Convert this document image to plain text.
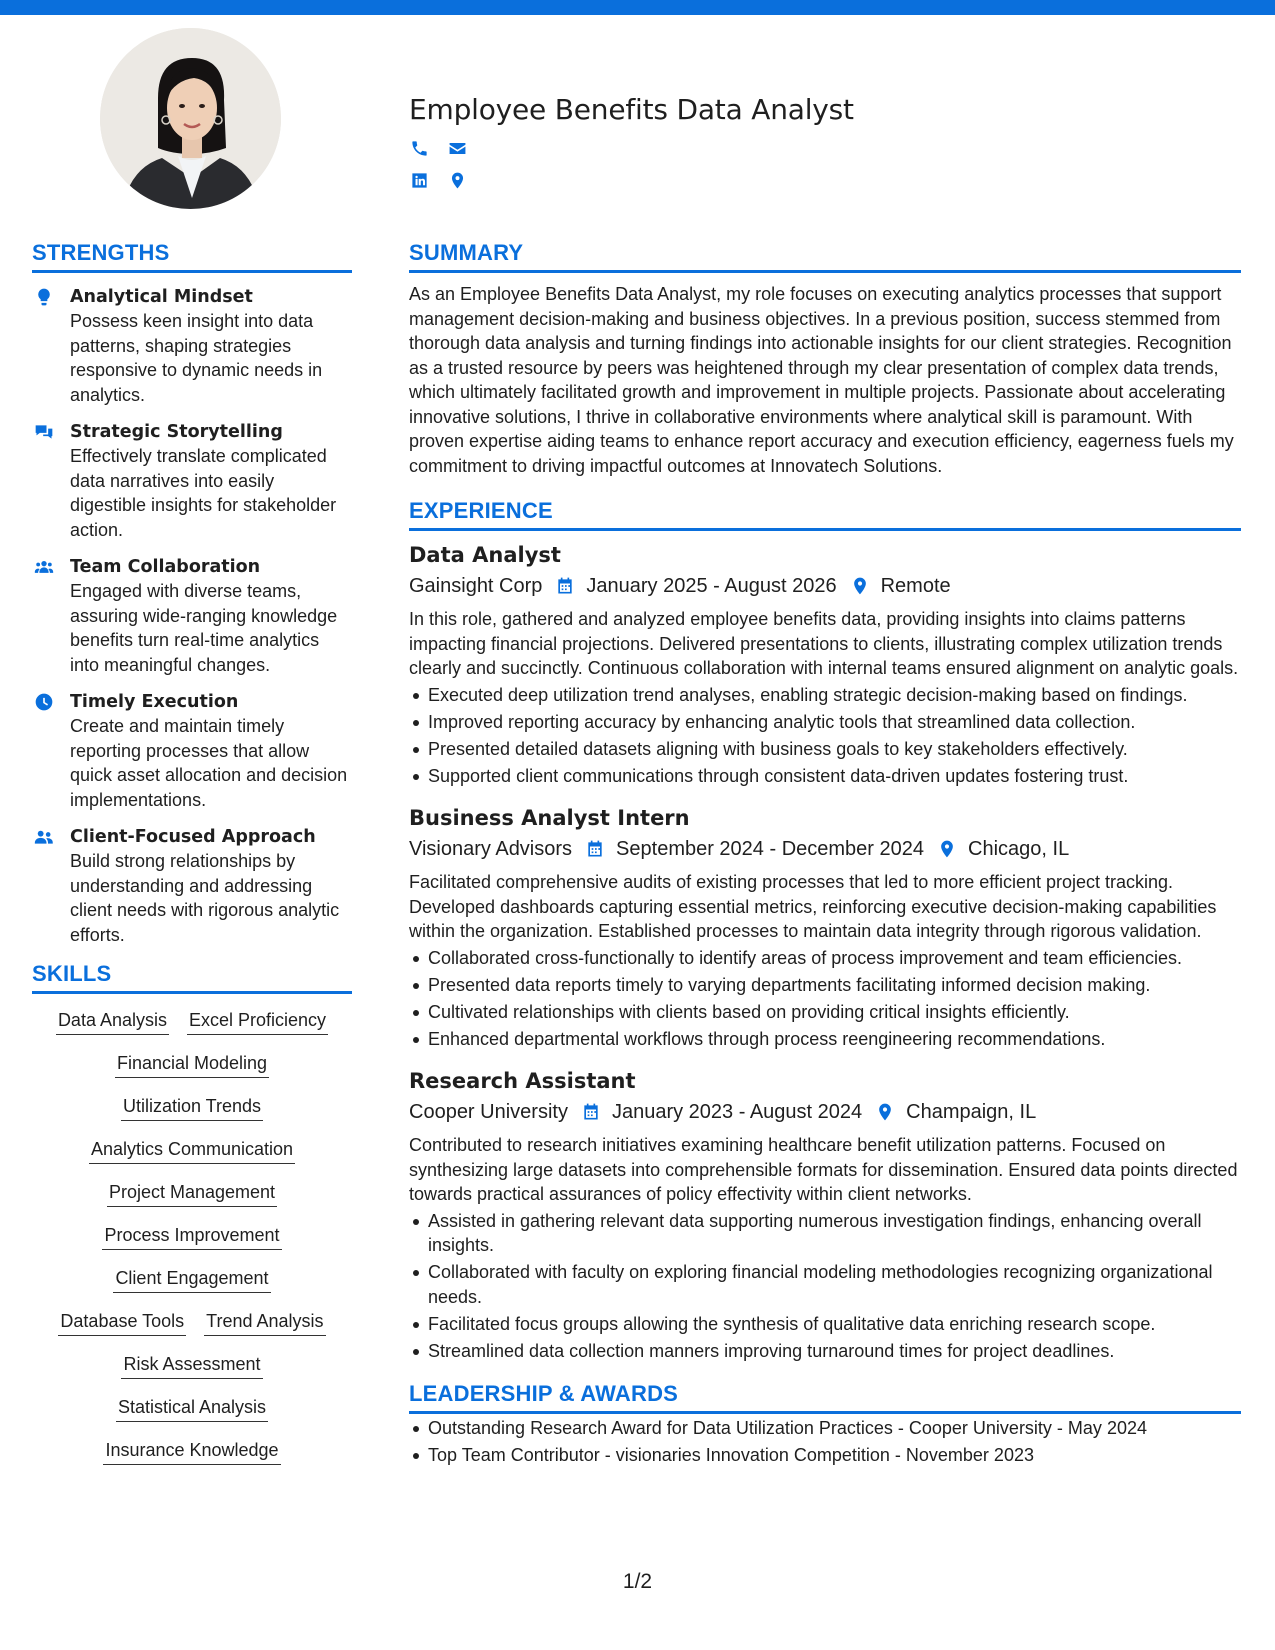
Employee Benefits Data Analyst
STRENGTHS
Analytical Mindset
Possess keen insight into data patterns, shaping strategies responsive to dynamic needs in analytics.
Strategic Storytelling
Effectively translate complicated data narratives into easily digestible insights for stakeholder action.
Team Collaboration
Engaged with diverse teams, assuring wide-ranging knowledge benefits turn real-time analytics into meaningful changes.
Timely Execution
Create and maintain timely reporting processes that allow quick asset allocation and decision implementations.
Client-Focused Approach
Build strong relationships by understanding and addressing client needs with rigorous analytic efforts.
SKILLS
Data Analysis Excel Proficiency
Financial Modeling
Utilization Trends
Analytics Communication
Project Management
Process Improvement
Client Engagement
Database Tools Trend Analysis
Risk Assessment
Statistical Analysis
Insurance Knowledge
SUMMARY
As an Employee Benefits Data Analyst, my role focuses on executing analytics processes that support management decision-making and business objectives. In a previous position, success stemmed from thorough data analysis and turning findings into actionable insights for our client strategies. Recognition as a trusted resource by peers was heightened through my clear presentation of complex data trends, which ultimately facilitated growth and improvement in multiple projects. Passionate about accelerating innovative solutions, I thrive in collaborative environments where analytical skill is paramount. With proven expertise aiding teams to enhance report accuracy and execution efficiency, eagerness fuels my commitment to driving impactful outcomes at Innovatech Solutions.
EXPERIENCE
Data Analyst
Gainsight Corp January 2025 - August 2026 Remote
In this role, gathered and analyzed employee benefits data, providing insights into claims patterns impacting financial projections. Delivered presentations to clients, illustrating complex utilization trends clearly and succinctly. Continuous collaboration with internal teams ensured alignment on analytic goals.
Executed deep utilization trend analyses, enabling strategic decision-making based on findings.
Improved reporting accuracy by enhancing analytic tools that streamlined data collection.
Presented detailed datasets aligning with business goals to key stakeholders effectively.
Supported client communications through consistent data-driven updates fostering trust.
Business Analyst Intern
Visionary Advisors September 2024 - December 2024 Chicago, IL
Facilitated comprehensive audits of existing processes that led to more efficient project tracking. Developed dashboards capturing essential metrics, reinforcing executive decision-making capabilities within the organization. Established processes to maintain data integrity through rigorous validation.
Collaborated cross-functionally to identify areas of process improvement and team efficiencies.
Presented data reports timely to varying departments facilitating informed decision making.
Cultivated relationships with clients based on providing critical insights efficiently.
Enhanced departmental workflows through process reengineering recommendations.
Research Assistant
Cooper University January 2023 - August 2024 Champaign, IL
Contributed to research initiatives examining healthcare benefit utilization patterns. Focused on synthesizing large datasets into comprehensible formats for dissemination. Ensured data points directed towards practical assurances of policy effectivity within client networks.
Assisted in gathering relevant data supporting numerous investigation findings, enhancing overall insights.
Collaborated with faculty on exploring financial modeling methodologies recognizing organizational needs.
Facilitated focus groups allowing the synthesis of qualitative data enriching research scope.
Streamlined data collection manners improving turnaround times for project deadlines.
LEADERSHIP & AWARDS
Outstanding Research Award for Data Utilization Practices - Cooper University - May 2024
Top Team Contributor - visionaries Innovation Competition - November 2023
1/2
